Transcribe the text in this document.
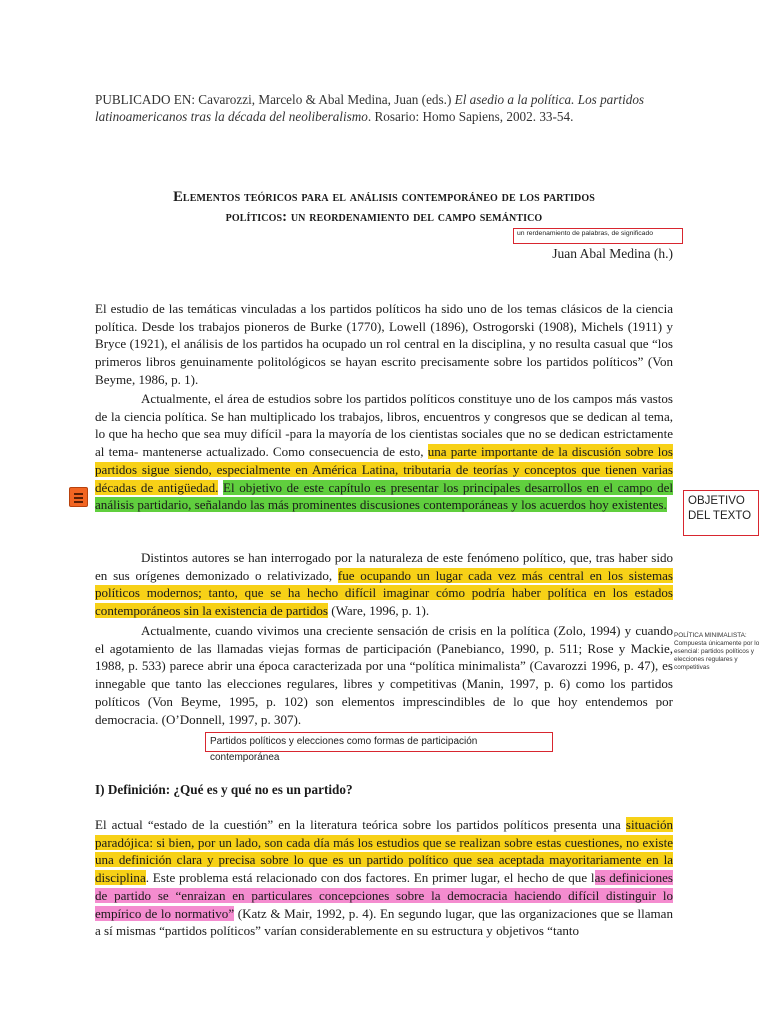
PUBLICADO EN: Cavarozzi, Marcelo & Abal Medina, Juan (eds.) El asedio a la política. Los partidos latinoamericanos tras la década del neoliberalismo. Rosario: Homo Sapiens, 2002. 33-54.
Elementos teóricos para el análisis contemporáneo de los partidos
políticos: un reordenamiento del campo semántico
un rerdenamiento de palabras, de significado
Juan Abal Medina (h.)

El estudio de las temáticas vinculadas a los partidos políticos ha sido uno de los temas clásicos de la ciencia política. Desde los trabajos pioneros de Burke (1770), Lowell (1896), Ostrogorski (1908), Michels (1911) y Bryce (1921), el análisis de los partidos ha ocupado un rol central en la disciplina, y no resulta casual que “los primeros libros genuinamente politológicos se hayan escrito precisamente sobre los partidos políticos” (Von Beyme, 1986, p. 1).

Actualmente, el área de estudios sobre los partidos políticos constituye uno de los campos más vastos de la ciencia política. Se han multiplicado los trabajos, libros, encuentros y congresos que se dedican al tema, lo que ha hecho que sea muy difícil -para la mayoría de los cientistas sociales que no se dedican estrictamente al tema- mantenerse actualizado. Como consecuencia de esto, una parte importante de la discusión sobre los partidos sigue siendo, especialmente en América Latina, tributaria de teorías y conceptos que tienen varias décadas de antigüedad. El objetivo de este capítulo es presentar los principales desarrollos en el campo del análisis partidario, señalando las más prominentes discusiones contemporáneas y los acuerdos hoy existentes.	OBJETIVO DEL TEXTO

Distintos autores se han interrogado por la naturaleza de este fenómeno político, que, tras haber sido en sus orígenes demonizado o relativizado, fue ocupando un lugar cada vez más central en los sistemas políticos modernos; tanto, que se ha hecho difícil imaginar cómo podría haber política en los estados contemporáneos sin la existencia de partidos (Ware, 1996, p. 1).

Actualmente, cuando vivimos una creciente sensación de crisis en la política (Zolo, 1994) y cuando el agotamiento de las llamadas viejas formas de participación (Panebianco, 1990, p. 511; Rose y Mackie, 1988, p. 533) parece abrir una época caracterizada por una “política minimalista” (Cavarozzi 1996, p. 47), es innegable que tanto las elecciones regulares, libres y competitivas (Manin, 1997, p. 6) como los partidos políticos (Von Beyme, 1995, p. 102) son elementos imprescindibles de lo que hoy entendemos por democracia. (O’Donnell, 1997, p. 307).

POLÍTICA MINIMALISTA: Compuesta únicamente por lo esencial: partidos políticos y elecciones regulares y competitivas
Partidos políticos y elecciones como formas de participación contemporánea
I) Definición: ¿Qué es y qué no es un partido?

El actual “estado de la cuestión” en la literatura teórica sobre los partidos políticos presenta una situación paradójica: si bien, por un lado, son cada día más los estudios que se realizan sobre estas cuestiones, no existe una definición clara y precisa sobre lo que es un partido político que sea aceptada mayoritariamente en la disciplina. Este problema está relacionado con dos factores. En primer lugar, el hecho de que las definiciones de partido se “enraizan en particulares concepciones sobre la democracia haciendo difícil distinguir lo empírico de lo normativo” (Katz & Mair, 1992, p. 4). En segundo lugar, que las organizaciones que se llaman a sí mismas “partidos políticos” varían considerablemente en su estructura y objetivos “tanto
